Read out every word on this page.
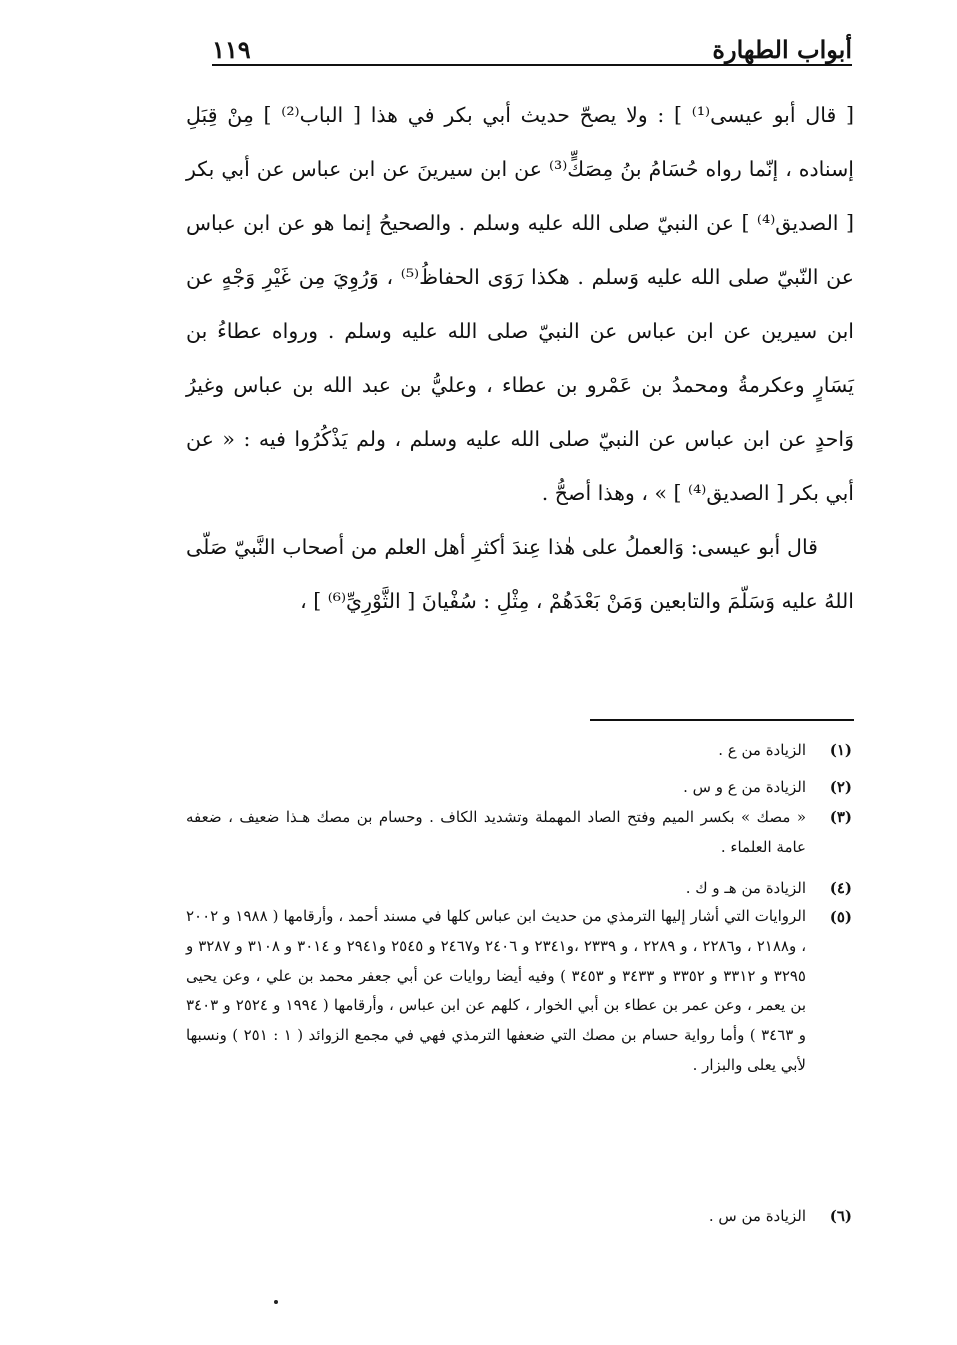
أبواب الطهارة
١١٩

[ قال أبو عيسى⁽¹⁾ ] : ولا يصحّ حديث أبي بكر في هذا [ الباب⁽²⁾ ] مِنْ قِبَلِ إسناده ، إنّما رواه حُسَامُ بنُ مِصَكٍّ⁽³⁾ عن ابن سيرينَ عن ابن عباس عن أبي بكر [ الصديق⁽⁴⁾ ] عن النبيّ صلى الله عليه وسلم . والصحيحُ إنما هو عن ابن عباس عن النّبيّ صلى الله عليه وَسلم . هكذا رَوَى الحفاظُ⁽⁵⁾ ، وَرُوِيَ مِن غَيْرِ وَجْهٍ عن ابن سيرين عن ابن عباس عن النبيّ صلى الله عليه وسلم . ورواه عطاءُ بن يَسَارٍ وعكرمةُ ومحمدُ بن عَمْرو بن عطاء ، وعليُّ بن عبد الله بن عباس وغيرُ وَاحدٍ عن ابن عباس عن النبيّ صلى الله عليه وسلم ، ولم يَذْكُرُوا فيه : « عن أبي بكر [ الصديق⁽⁴⁾ ] » ، وهذا أصحُّ .

قال أبو عيسى: وَالعملُ على هٰذا عِندَ أكثرِ أهل العلم من أصحاب النَّبيّ صَلّى اللهُ عليه وَسَلّمَ والتابعين وَمَنْ بَعْدَهُمْ ، مِثْلِ : سُفْيانَ [ الثَّوْرِيِّ⁽⁶⁾ ] ،

(١)
الزيادة من ع .
(٢)
الزيادة من ع و س .
(٣)
« مصك » بكسر الميم وفتح الصاد المهملة وتشديد الكاف . وحسام بن مصك هـذا ضعيف ، ضعفه عامة العلماء .
(٤)
الزيادة من هـ و ك .
(٥)
الروايات التي أشار إليها الترمذي من حديث ابن عباس كلها في مسند أحمد ، وأرقامها ( ١٩٨٨ و ٢٠٠٢ ، و٢١٨٨ ، و٢٢٨٦ ، و ٢٢٨٩ ، و ٢٣٣٩ ،و٢٣٤١ و ٢٤٠٦ و٢٤٦٧ و ٢٥٤٥ و٢٩٤١ و ٣٠١٤ و ٣١٠٨ و ٣٢٨٧ و ٣٢٩٥ و ٣٣١٢ و ٣٣٥٢ و ٣٤٣٣ و ٣٤٥٣ ) وفيه أيضا روايات عن أبي جعفر محمد بن علي ، وعن يحيى بن يعمر ، وعن عمر بن عطاء بن أبي الخوار ، كلهم عن ابن عباس ، وأرقامها ( ١٩٩٤ و ٢٥٢٤ و ٣٤٠٣ و ٣٤٦٣ ) وأما رواية حسام بن مصك التي ضعفها الترمذي فهي في مجمع الزوائد ( ١ : ٢٥١ ) ونسبها لأبي يعلى والبزار .
(٦)
الزيادة من س .
